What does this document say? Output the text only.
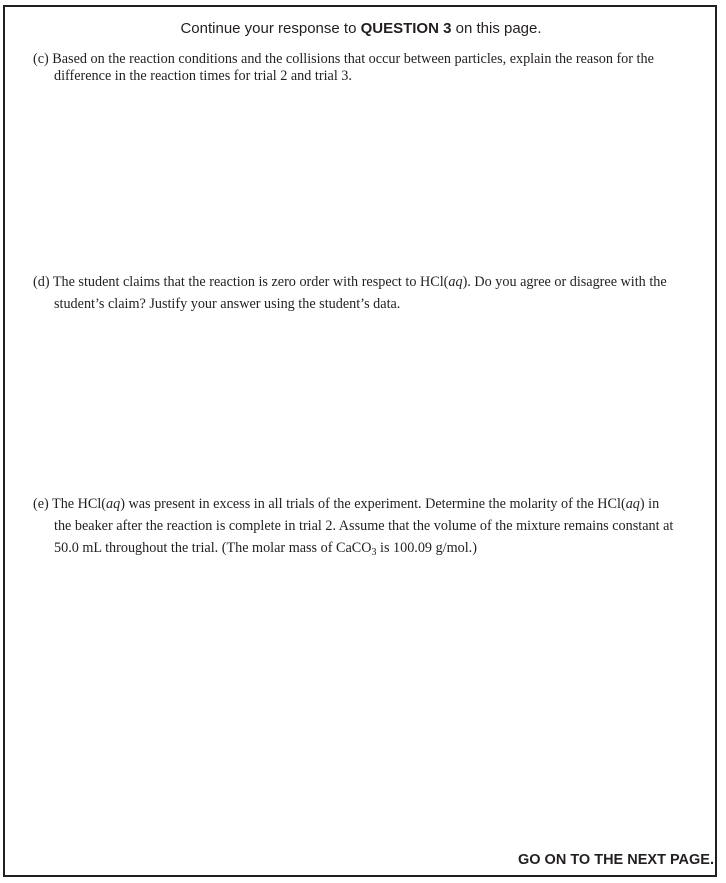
Continue your response to QUESTION 3 on this page.
(c) Based on the reaction conditions and the collisions that occur between particles, explain the reason for the
difference in the reaction times for trial 2 and trial 3.
(d) The student claims that the reaction is zero order with respect to HCl(aq). Do you agree or disagree with the
student’s claim? Justify your answer using the student’s data.
(e) The HCl(aq) was present in excess in all trials of the experiment. Determine the molarity of the HCl(aq) in
the beaker after the reaction is complete in trial 2. Assume that the volume of the mixture remains constant at
50.0 mL throughout the trial. (The molar mass of CaCO$_3$ is 100.09 g/mol.)
GO ON TO THE NEXT PAGE.
